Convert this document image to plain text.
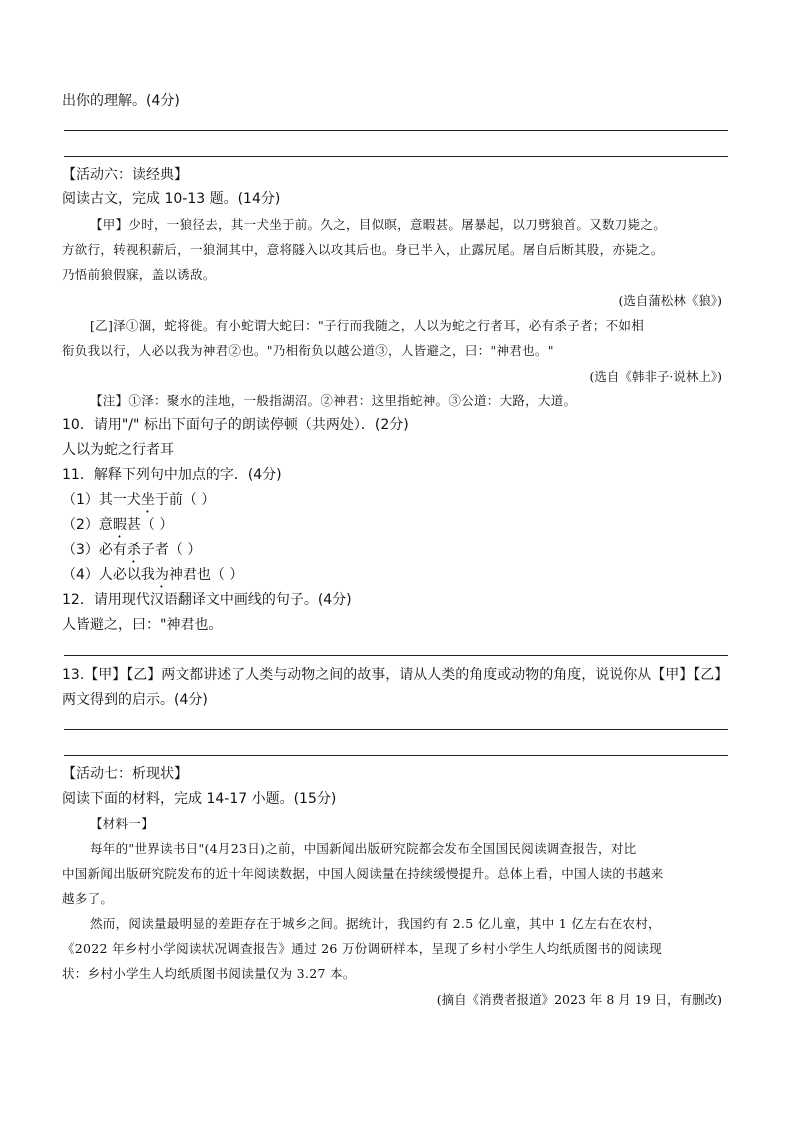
出你的理解。(4分)
【活动六：读经典】
阅读古文，完成 10-13 题。(14分)
【甲】少时，一狼径去，其一犬坐于前。久之，目似暝，意暇甚。屠暴起，以刀劈狼首。又数刀毙之。
方欲行，转视积薪后，一狼洞其中，意将隧入以攻其后也。身已半入，止露尻尾。屠自后断其股，亦毙之。
乃悟前狼假寐，盖以诱敌。
(选自蒲松林《狼》)
[乙]泽①涸，蛇将徙。有小蛇谓大蛇曰："子行而我随之，人以为蛇之行者耳，必有杀子者；不如相
衔负我以行，人必以我为神君②也。"乃相衔负以越公道③，人皆避之，曰："神君也。"
(选自《韩非子·说林上》)
【注】①泽：聚水的洼地，一般指湖沼。②神君：这里指蛇神。③公道：大路，大道。
10．请用"/" 标出下面句子的朗读停顿（共两处）．(2分)
人以为蛇之行者耳
11．解释下列句中加点的字．(4分)
（1）其一犬坐于前（ ）
（2）意暇甚（ ）
（3）必有杀子者（ ）
（4）人必以我为神君也（ ）
12．请用现代汉语翻译文中画线的句子。(4分)
人皆避之，曰："神君也。
13.【甲】【乙】两文都讲述了人类与动物之间的故事，请从人类的角度或动物的角度，说说你从【甲】【乙】
两文得到的启示。(4分)
【活动七：析现状】
阅读下面的材料，完成 14-17 小题。(15分)
【材料一】
每年的"世界读书日"(4月23日)之前，中国新闻出版研究院都会发布全国国民阅读调查报告，对比
中国新闻出版研究院发布的近十年阅读数据，中国人阅读量在持续缓慢提升。总体上看，中国人读的书越来
越多了。
然而，阅读量最明显的差距存在于城乡之间。据统计，我国约有 2.5 亿儿童，其中 1 亿左右在农村，
《2022 年乡村小学阅读状况调查报告》通过 26 万份调研样本，呈现了乡村小学生人均纸质图书的阅读现
状：乡村小学生人均纸质图书阅读量仅为 3.27 本。
(摘自《消费者报道》2023 年 8 月 19 日，有删改)
